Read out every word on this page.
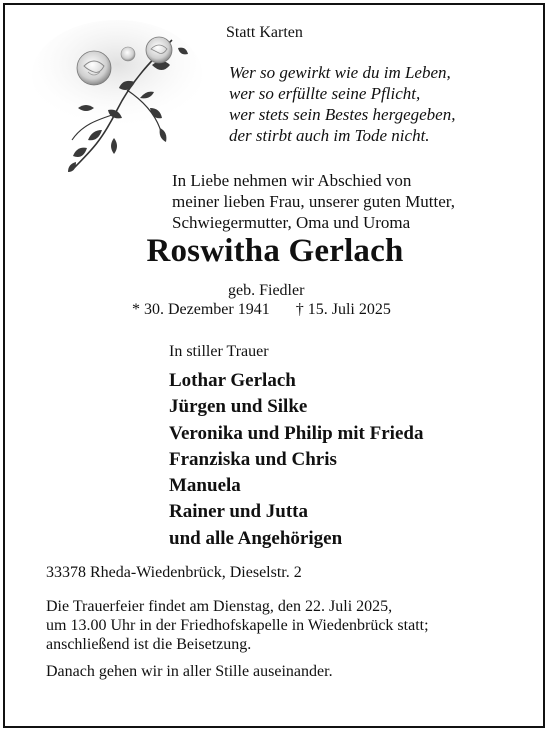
Statt Karten
Wer so gewirkt wie du im Leben,
wer so erfüllte seine Pflicht,
wer stets sein Bestes hergegeben,
der stirbt auch im Tode nicht.
In Liebe nehmen wir Abschied von
meiner lieben Frau, unserer guten Mutter,
Schwiegermutter, Oma und Uroma
Roswitha Gerlach
geb. Fiedler
* 30. Dezember 1941 † 15. Juli 2025
In stiller Trauer
Lothar Gerlach
Jürgen und Silke
Veronika und Philip mit Frieda
Franziska und Chris
Manuela
Rainer und Jutta
und alle Angehörigen
33378 Rheda-Wiedenbrück, Dieselstr. 2
Die Trauerfeier findet am Dienstag, den 22. Juli 2025,
um 13.00 Uhr in der Friedhofskapelle in Wiedenbrück statt;
anschließend ist die Beisetzung.
Danach gehen wir in aller Stille auseinander.
